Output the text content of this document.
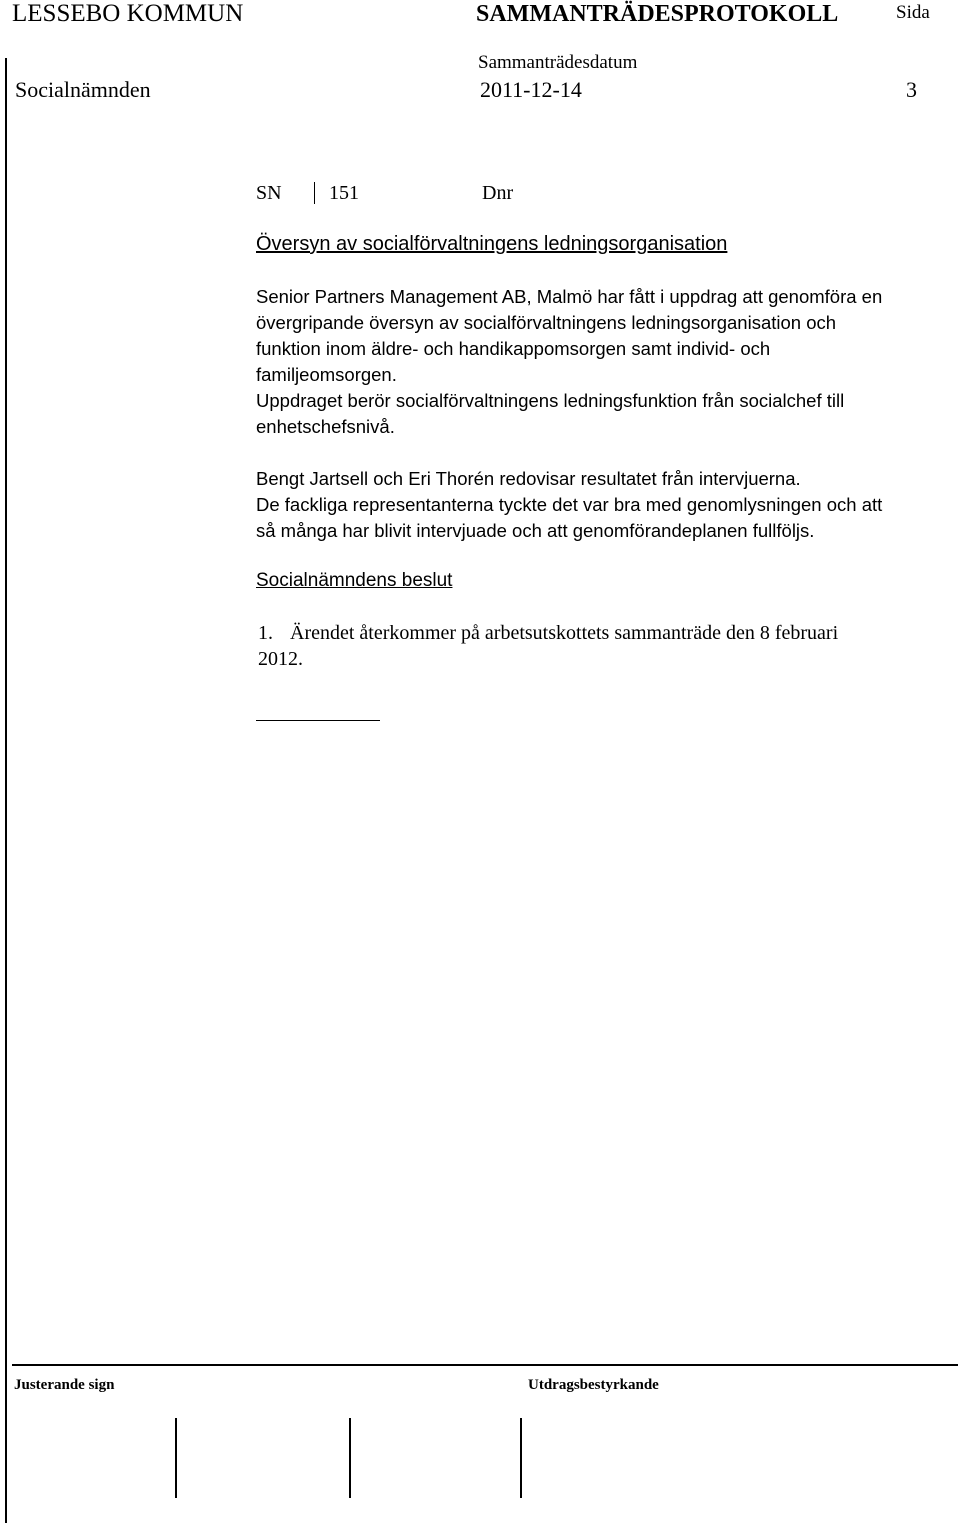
LESSEBO KOMMUN	SAMMANTRÄDESPROTOKOLL	Sida
Sammanträdesdatum
Socialnämnden	2011-12-14	3
SN 151	Dnr
Översyn av socialförvaltningens ledningsorganisation
Senior Partners Management AB, Malmö har fått i uppdrag att genomföra en
övergripande översyn av socialförvaltningens ledningsorganisation och
funktion inom äldre- och handikappomsorgen samt individ- och
familjeomsorgen.
Uppdraget berör socialförvaltningens ledningsfunktion från socialchef till
enhetschefsnivå.
Bengt Jartsell och Eri Thorén redovisar resultatet från intervjuerna.
De fackliga representanterna tyckte det var bra med genomlysningen och att
så många har blivit intervjuade och att genomförandeplanen fullföljs.
Socialnämndens beslut
1. Ärendet återkommer på arbetsutskottets sammanträde den 8 februari
2012.
Justerande sign	Utdragsbestyrkande
